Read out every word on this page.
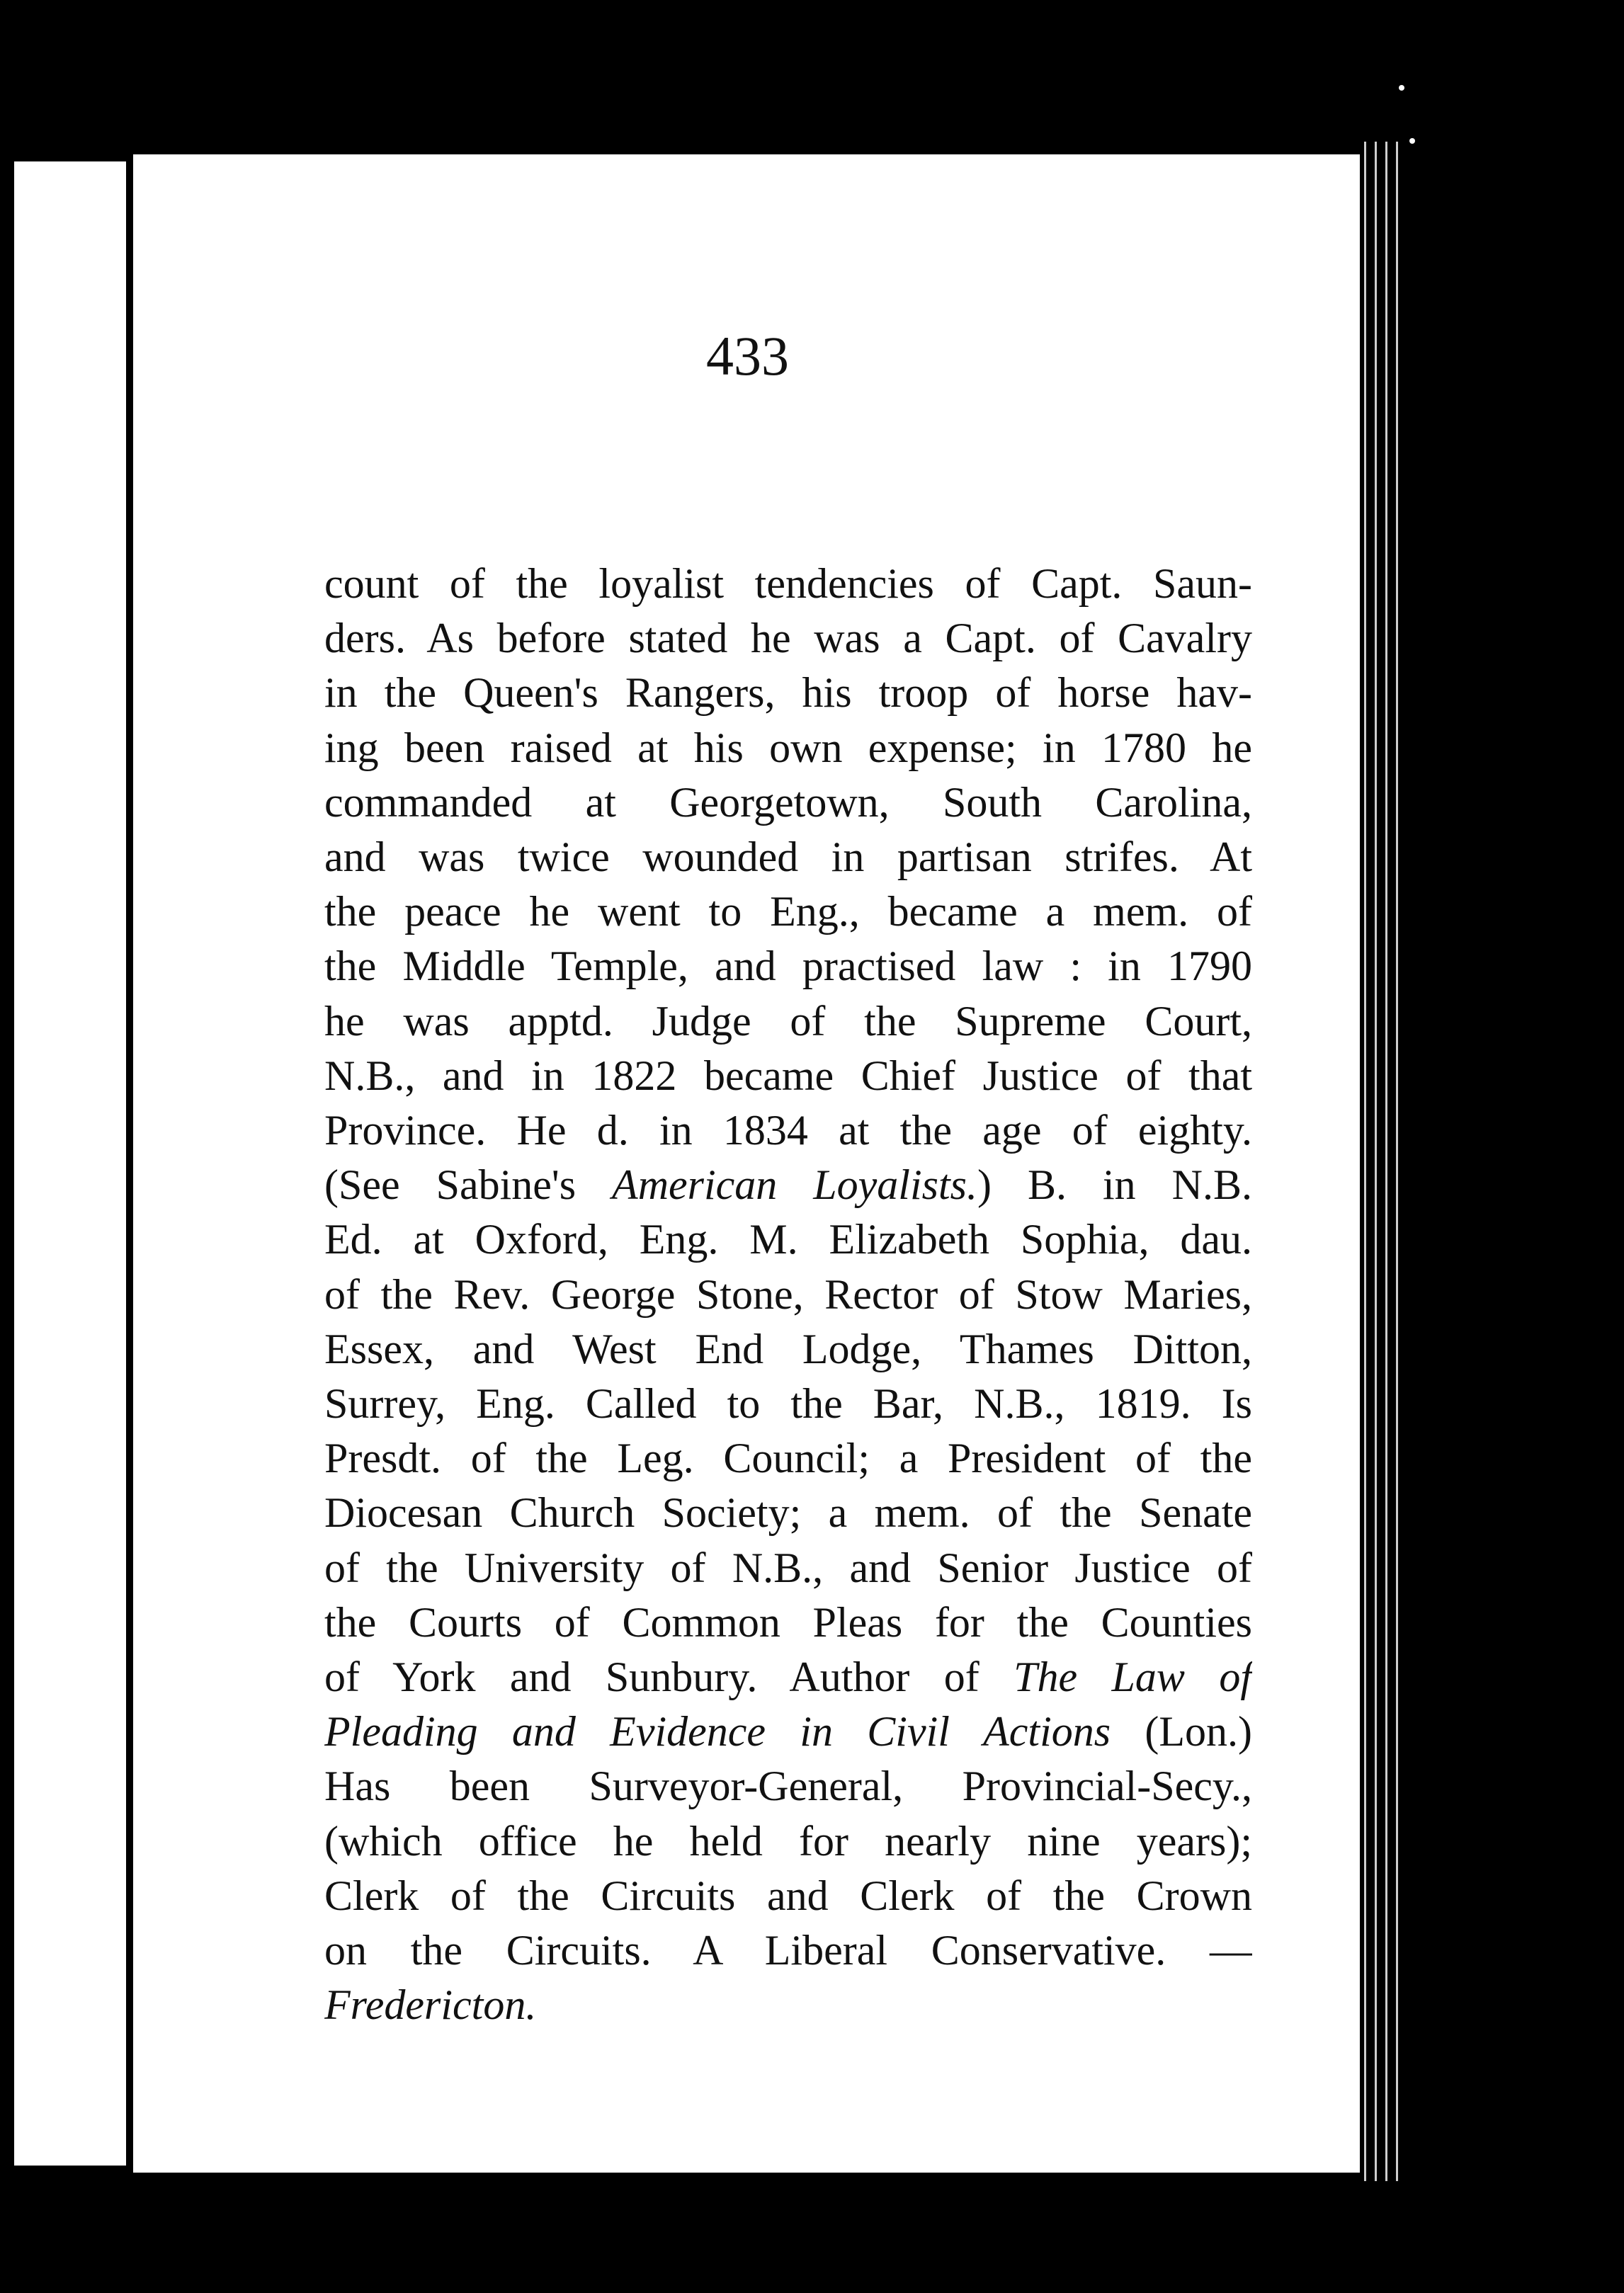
433
count of the loyalist tendencies of Capt. Saun-
ders. As before stated he was a Capt. of Cavalry
in the Queen's Rangers, his troop of horse hav-
ing been raised at his own expense; in 1780 he
commanded at Georgetown, South Carolina,
and was twice wounded in partisan strifes. At
the peace he went to Eng., became a mem. of
the Middle Temple, and practised law : in 1790
he was apptd. Judge of the Supreme Court,
N.B., and in 1822 became Chief Justice of that
Province. He d. in 1834 at the age of eighty.
(See Sabine's American Loyalists.) B. in N.B.
Ed. at Oxford, Eng. M. Elizabeth Sophia, dau.
of the Rev. George Stone, Rector of Stow Maries,
Essex, and West End Lodge, Thames Ditton,
Surrey, Eng. Called to the Bar, N.B., 1819. Is
Presdt. of the Leg. Council; a President of the
Diocesan Church Society; a mem. of the Senate
of the University of N.B., and Senior Justice of
the Courts of Common Pleas for the Counties
of York and Sunbury. Author of The Law of
Pleading and Evidence in Civil Actions (Lon.)
Has been Surveyor-General, Provincial-Secy.,
(which office he held for nearly nine years);
Clerk of the Circuits and Clerk of the Crown
on the Circuits. A Liberal Conservative. —
Fredericton.
